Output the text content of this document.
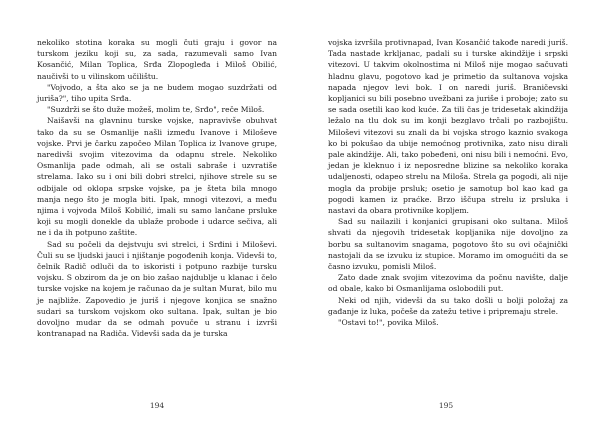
nekoliko stotina koraka su mogli čuti graju i govor na turskom jeziku koji su, za sada, razumevali samo Ivan Kosančić, Milan Toplica, Srđa Zlopogleđa i Miloš Obilić, naučivši to u vilinskom učilištu.

"Vojvodo, a šta ako se ja ne budem mogao suzdržati od juriša?", tiho upita Srđa.

"Suzdrži se što duže možeš, molim te, Srđo", reče Miloš.

Naišavši na glavninu turske vojske, napravivše obuhvat tako da su se Osmanlije našli između Ivanove i Miloševe vojske. Prvi je čarku započeo Milan Toplica iz Ivanove grupe, naredivši svojim vitezovima da odapnu strele. Nekoliko Osmanlija pade odmah, ali se ostali sabraše i uzvratiše strelama. Iako su i oni bili dobri strelci, njihove strele su se odbijale od oklopa srpske vojske, pa je šteta bila mnogo manja nego što je mogla biti. Ipak, mnogi vitezovi, a među njima i vojvoda Miloš Kobilić, imali su samo lančane prsluke koji su mogli donekle da ublaže probode i udarce sečiva, ali ne i da ih potpuno zaštite.

Sad su počeli da dejstvuju svi strelci, i Srđini i Miloševi. Čuli su se ljudski jauci i njištanje pogođenih konja. Videvši to, čelnik Radič odluči da to iskoristi i potpuno razbije tursku vojsku. S obzirom da je on bio zašao najdublje u klanac i čelo turske vojske na kojem je računao da je sultan Murat, bilo mu je najbliže. Zapovedio je juriš i njegove konjica se snažno sudari sa turskom vojskom oko sultana. Ipak, sultan je bio dovoljno mudar da se odmah povuče u stranu i izvrši kontranapad na Radiča. Videvši sada da je turska

194

vojska izvršila protivnapad, Ivan Kosančić takođe naredi juriš. Tada nastade krkljanac, padali su i turske akindžije i srpski vitezovi. U takvim okolnostima ni Miloš nije mogao sačuvati hladnu glavu, pogotovo kad je primetio da sultanova vojska napada njegov levi bok. I on naredi juriš. Braničevski kopljanici su bili posebno uvežbani za juriše i proboje; zato su se sada osetili kao kod kuće. Za tili čas je tridesetak akindžija ležalo na tlu dok su im konji bezglavo trčali po razbojištu. Miloševi vitezovi su znali da bi vojska strogo kaznio svakoga ko bi pokušao da ubije nemoćnog protivnika, zato nisu dirali pale akindžije. Ali, tako pobeđeni, oni nisu bili i nemoćni. Evo, jedan je kleknuo i iz neposredne blizine sa nekoliko koraka udaljenosti, odapeo strelu na Miloša. Strela ga pogodi, ali nije mogla da probije prsluk; osetio je samotup bol kao kad ga pogodi kamen iz praćke. Brzo iščupa strelu iz prsluka i nastavi da obara protivnike kopljem.

Sad su nailazili i konjanici grupisani oko sultana. Miloš shvati da njegovih tridesetak kopljanika nije dovoljno za borbu sa sultanovim snagama, pogotovo što su ovi očajnički nastojali da se izvuku iz stupice. Moramo im omogućiti da se časno izvuku, pomisli Miloš.

Zato dade znak svojim vitezovima da počnu navište, dalje od obale, kako bi Osmanlijama oslobodili put.

Neki od njih, videvši da su tako došli u bolji položaj za gađanje iz luka, počeše da zatežu tetive i pripremaju strele.

"Ostavi to!", povika Miloš.

195
